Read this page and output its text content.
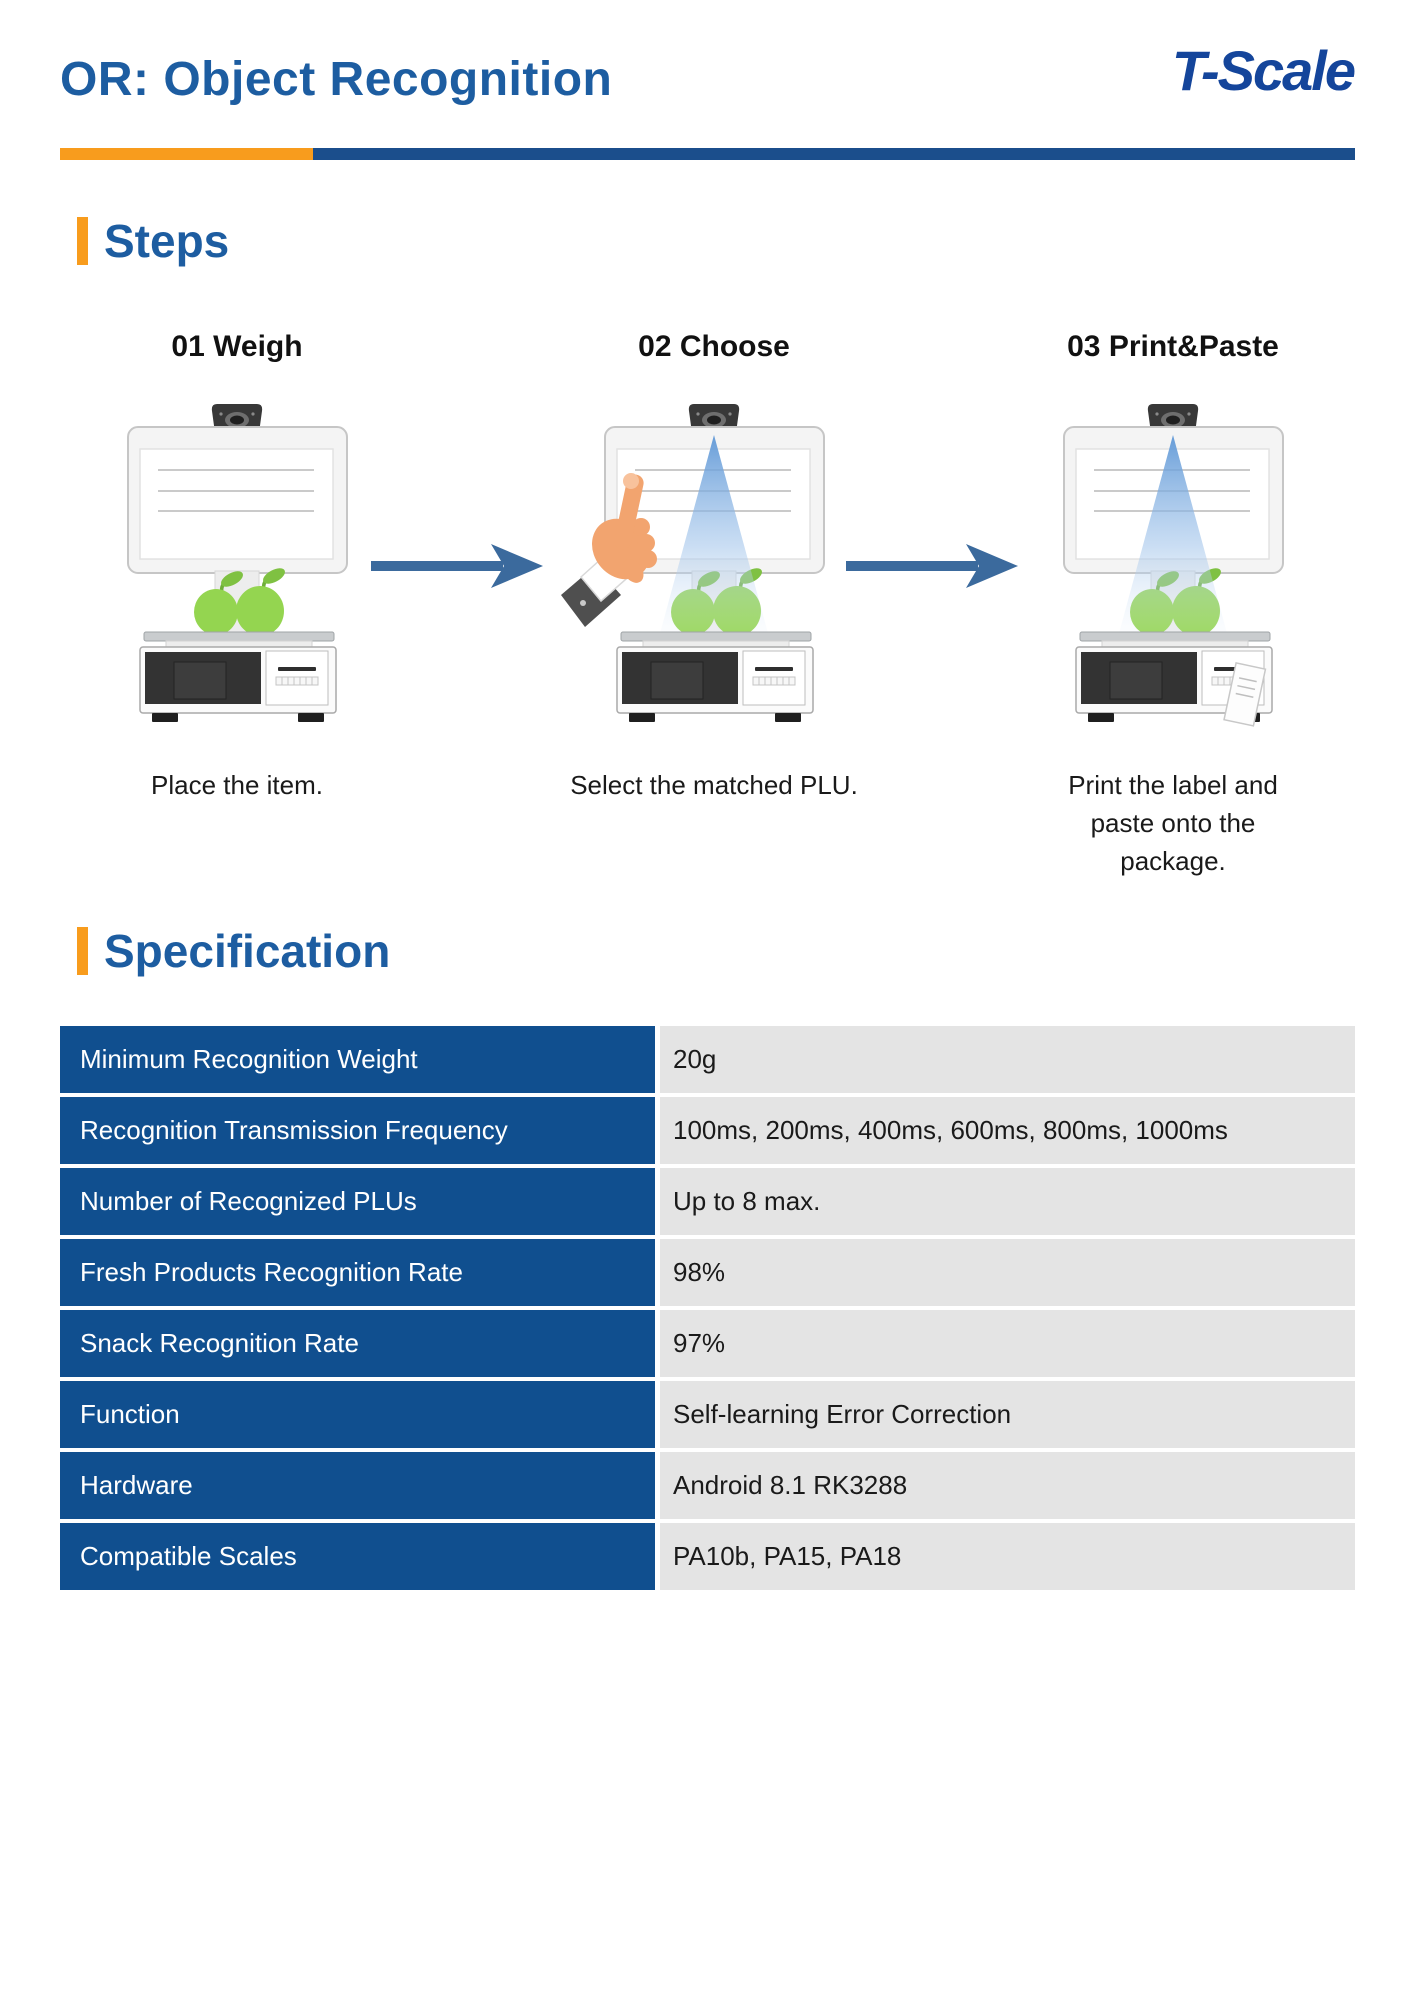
OR: Object Recognition	T-Scale
Steps
01 Weigh
Place the item.
02 Choose
Select the matched PLU.
03 Print&Paste
Print the label and paste onto the package.
Specification
Minimum Recognition Weight	20g
Recognition Transmission Frequency	100ms, 200ms, 400ms, 600ms, 800ms, 1000ms
Number of Recognized PLUs	Up to 8 max.
Fresh Products Recognition Rate	98%
Snack Recognition Rate	97%
Function	Self-learning Error Correction
Hardware	Android 8.1 RK3288
Compatible Scales	PA10b, PA15, PA18
